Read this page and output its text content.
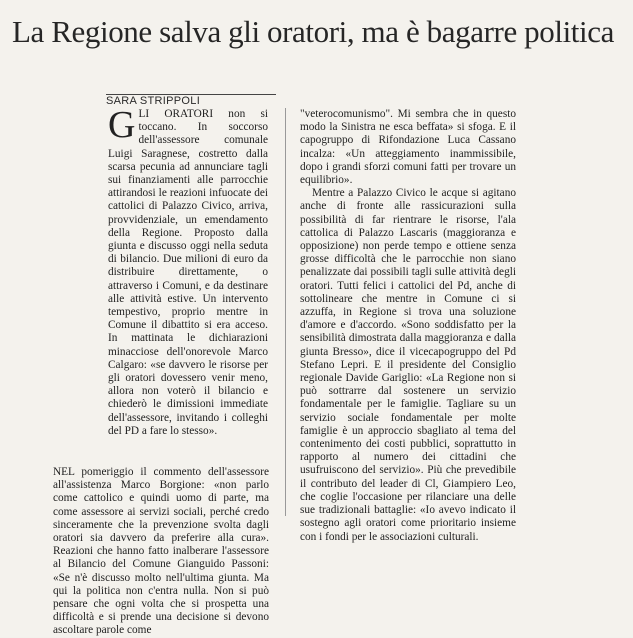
La Regione salva gli oratori, ma è bagarre politica
SARA STRIPPOLI

GLI ORATORI non si toccano. In soccorso dell'assessore comunale Luigi Saragnese, costretto dalla scarsa pecunia ad annunciare tagli sui finanziamenti alle parrocchie attirandosi le reazioni infuocate dei cattolici di Palazzo Civico, arriva, provvidenziale, un emendamento della Regione. Proposto dalla giunta e discusso oggi nella seduta di bilancio. Due milioni di euro da distribuire direttamente, o attraverso i Comuni, e da destinare alle attività estive. Un intervento tempestivo, proprio mentre in Comune il dibattito si era acceso. In mattinata le dichiarazioni minacciose dell'onorevole Marco Calgaro: «se davvero le risorse per gli oratori dovessero venir meno, allora non voterò il bilancio e chiederò le dimissioni immediate dell'assessore, invitando i colleghi del PD a fare lo stesso».

NEL pomeriggio il commento dell'assessore all'assistenza Marco Borgione: «non parlo come cattolico e quindi uomo di parte, ma come assessore ai servizi sociali, perché credo sinceramente che la prevenzione svolta dagli oratori sia davvero da preferire alla cura». Reazioni che hanno fatto inalberare l'assessore al Bilancio del Comune Gianguido Passoni: «Se n'è discusso molto nell'ultima giunta. Ma qui la politica non c'entra nulla. Non si può pensare che ogni volta che si prospetta una difficoltà e si prende una decisione si devono ascoltare parole come

"veterocomunismo". Mi sembra che in questo modo la Sinistra ne esca beffata» si sfoga. E il capogruppo di Rifondazione Luca Cassano incalza: «Un atteggiamento inammissibile, dopo i grandi sforzi comuni fatti per trovare un equilibrio».

Mentre a Palazzo Civico le acque si agitano anche di fronte alle rassicurazioni sulla possibilità di far rientrare le risorse, l'ala cattolica di Palazzo Lascaris (maggioranza e opposizione) non perde tempo e ottiene senza grosse difficoltà che le parrocchie non siano penalizzate dai possibili tagli sulle attività degli oratori. Tutti felici i cattolici del Pd, anche di sottolineare che mentre in Comune ci si azzuffa, in Regione si trova una soluzione d'amore e d'accordo. «Sono soddisfatto per la sensibilità dimostrata dalla maggioranza e dalla giunta Bresso», dice il vicecapogruppo del Pd Stefano Lepri. E il presidente del Consiglio regionale Davide Gariglio: «La Regione non si può sottrarre dal sostenere un servizio fondamentale per le famiglie. Tagliare su un servizio sociale fondamentale per molte famiglie è un approccio sbagliato al tema del contenimento dei costi pubblici, soprattutto in rapporto al numero dei cittadini che usufruiscono del servizio». Più che prevedibile il contributo del leader di Cl, Giampiero Leo, che coglie l'occasione per rilanciare una delle sue tradizionali battaglie: «Io avevo indicato il sostegno agli oratori come prioritario insieme con i fondi per le associazioni culturali.
